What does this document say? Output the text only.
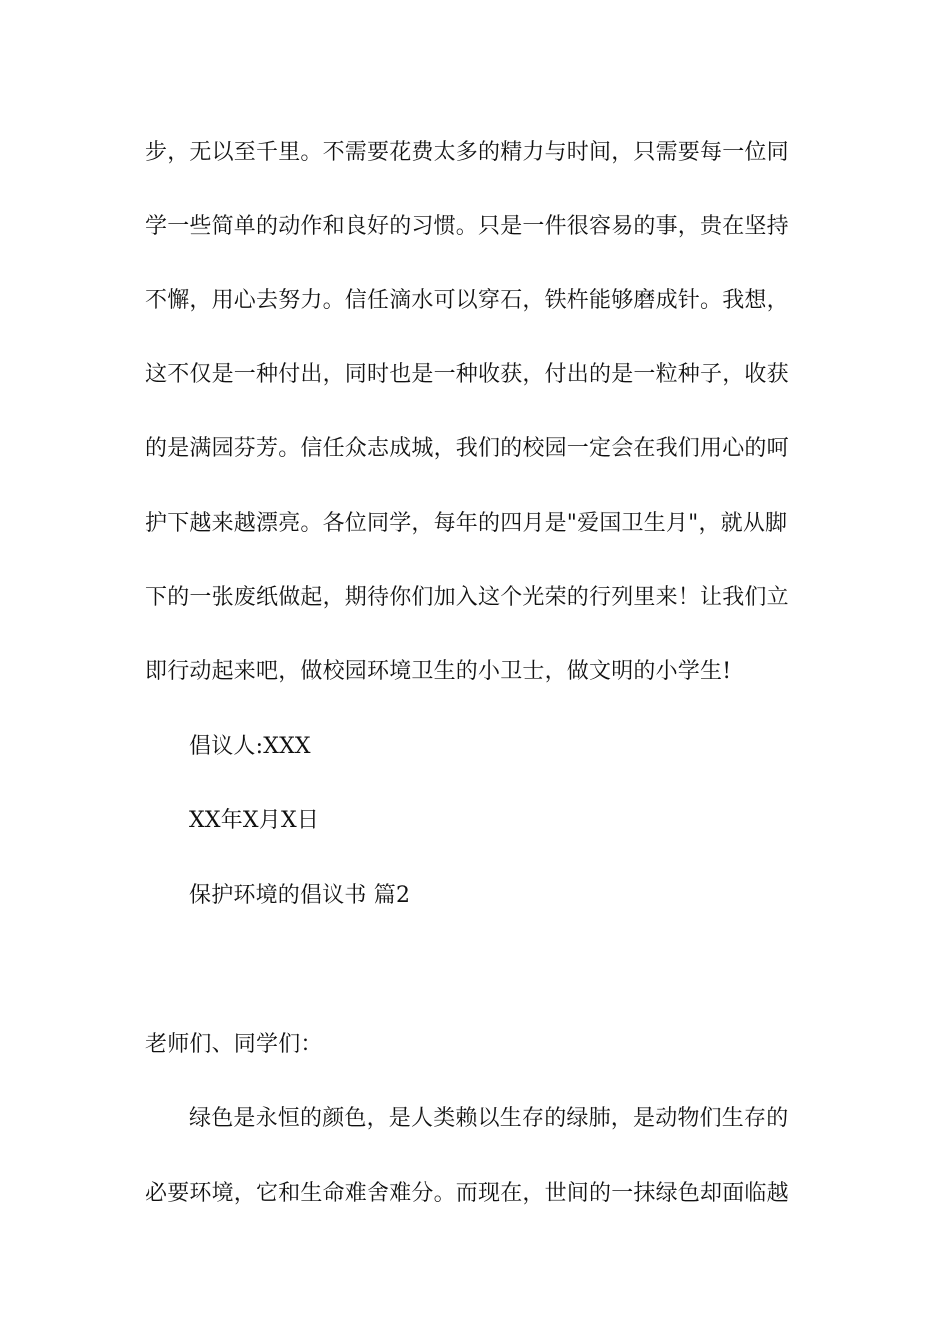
步，无以至千里。不需要花费太多的精力与时间，只需要每一位同
学一些简单的动作和良好的习惯。只是一件很容易的事，贵在坚持
不懈，用心去努力。信任滴水可以穿石，铁杵能够磨成针。我想，
这不仅是一种付出，同时也是一种收获，付出的是一粒种子，收获
的是满园芬芳。信任众志成城，我们的校园一定会在我们用心的呵
护下越来越漂亮。各位同学，每年的四月是"爱国卫生月"，就从脚
下的一张废纸做起，期待你们加入这个光荣的行列里来！让我们立
即行动起来吧，做校园环境卫生的小卫士，做文明的小学生!
倡议人:XXX
XX年X月X日
保护环境的倡议书 篇2
老师们、同学们：
绿色是永恒的颜色，是人类赖以生存的绿肺，是动物们生存的
必要环境，它和生命难舍难分。而现在，世间的一抹绿色却面临越
